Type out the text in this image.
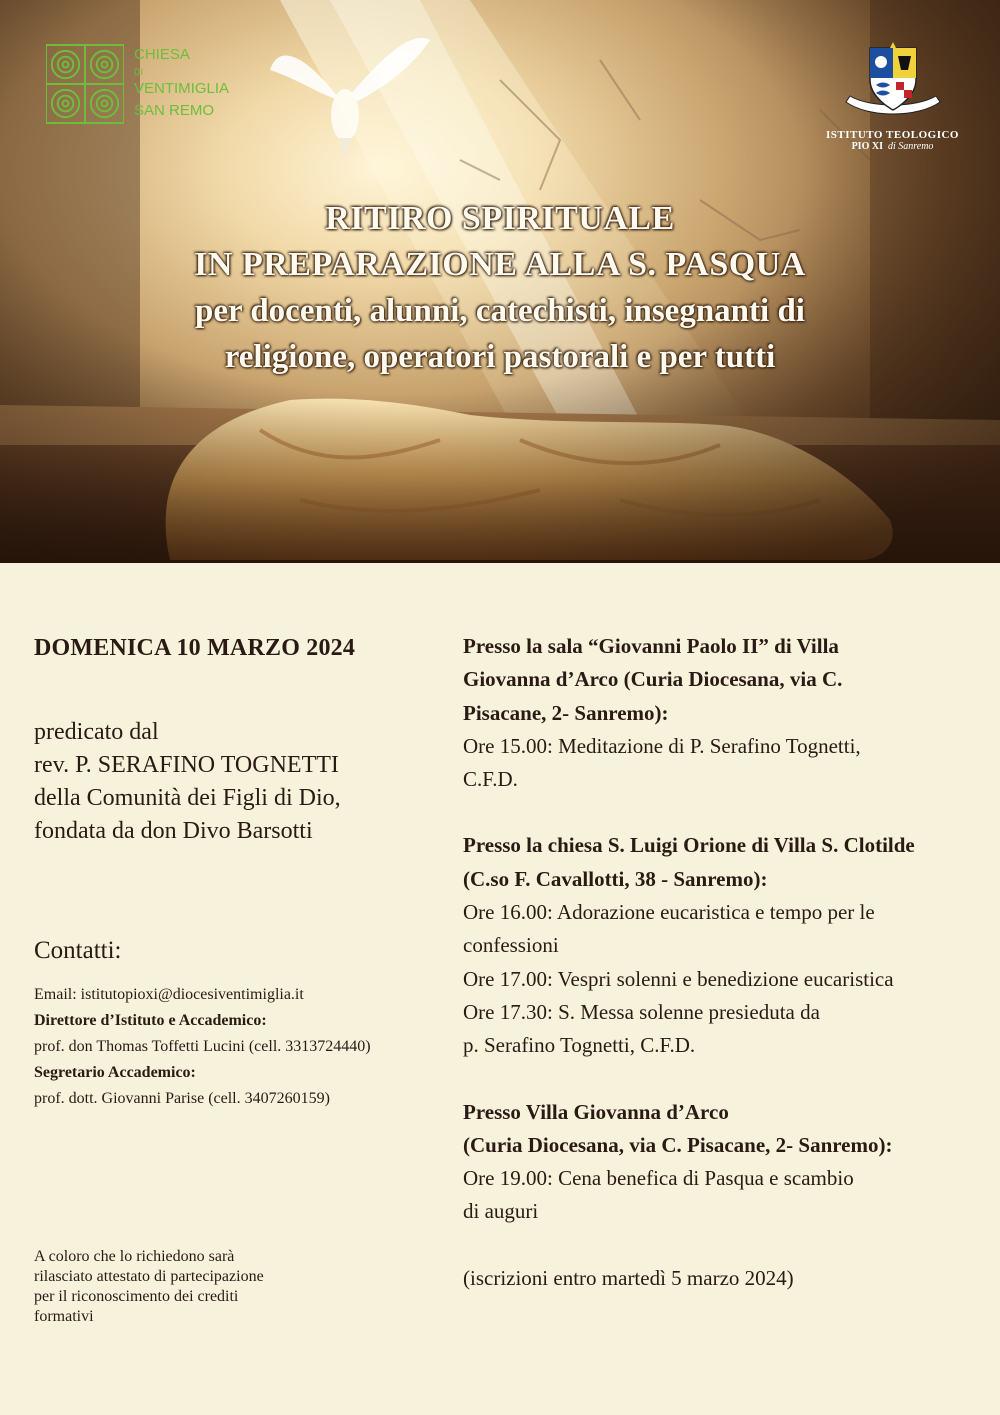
CHIESA

DI
VENTIMIGLIA
SAN REMO
ISTITUTO TEOLOGICO
PIO XI di Sanremo
RITIRO SPIRITUALE
IN PREPARAZIONE ALLA S. PASQUA
per docenti, alunni, catechisti, insegnanti di
religione, operatori pastorali e per tutti
DOMENICA 10 MARZO 2024
predicato dal
rev. P. SERAFINO TOGNETTI
della Comunità dei Figli di Dio,
fondata da don Divo Barsotti
Contatti:
Email: istitutopioxi@diocesiventimiglia.it
Direttore d’Istituto e Accademico:
prof. don Thomas Toffetti Lucini (cell. 3313724440)
Segretario Accademico:
prof. dott. Giovanni Parise (cell. 3407260159)
A coloro che lo richiedono sarà
rilasciato attestato di partecipazione
per il riconoscimento dei crediti
formativi
Presso la sala “Giovanni Paolo II” di Villa
Giovanna d’Arco (Curia Diocesana, via C.
Pisacane, 2- Sanremo):
Ore 15.00: Meditazione di P. Serafino Tognetti,
C.F.D.
Presso la chiesa S. Luigi Orione di Villa S. Clotilde
(C.so F. Cavallotti, 38 - Sanremo):
Ore 16.00: Adorazione eucaristica e tempo per le
confessioni
Ore 17.00: Vespri solenni e benedizione eucaristica
Ore 17.30: S. Messa solenne presieduta da
p. Serafino Tognetti, C.F.D.
Presso Villa Giovanna d’Arco
(Curia Diocesana, via C. Pisacane, 2- Sanremo):
Ore 19.00: Cena benefica di Pasqua e scambio
di auguri
(iscrizioni entro martedì 5 marzo 2024)
